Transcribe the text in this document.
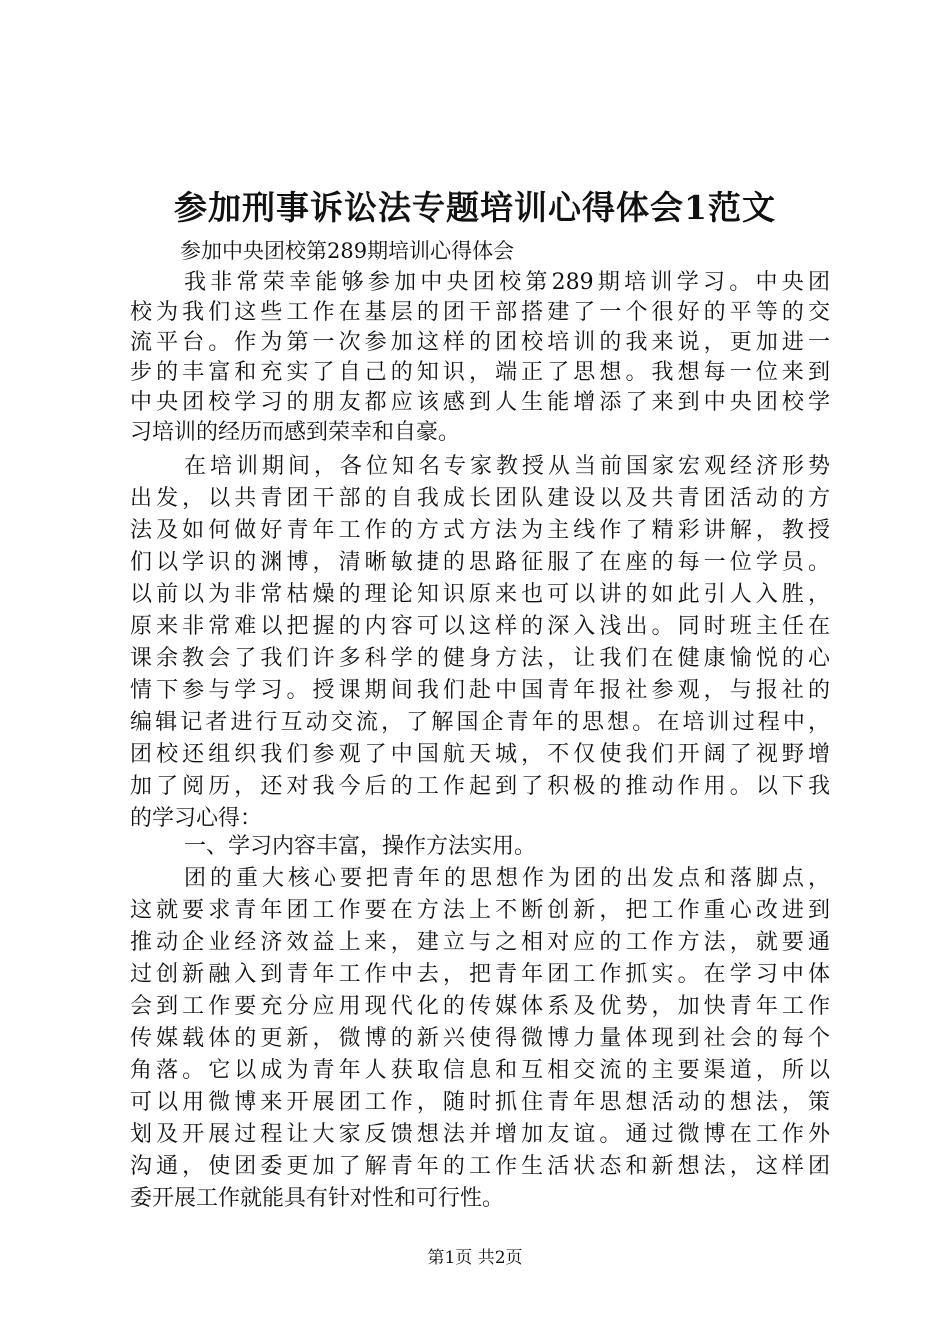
参加刑事诉讼法专题培训心得体会1范文
参加中央团校第289期培训心得体会
我非常荣幸能够参加中央团校第289期培训学习。中央团
校为我们这些工作在基层的团干部搭建了一个很好的平等的交
流平台。作为第一次参加这样的团校培训的我来说，更加进一
步的丰富和充实了自己的知识，端正了思想。我想每一位来到
中央团校学习的朋友都应该感到人生能增添了来到中央团校学
习培训的经历而感到荣幸和自豪。
在培训期间，各位知名专家教授从当前国家宏观经济形势
出发，以共青团干部的自我成长团队建设以及共青团活动的方
法及如何做好青年工作的方式方法为主线作了精彩讲解，教授
们以学识的渊博，清晰敏捷的思路征服了在座的每一位学员。
以前以为非常枯燥的理论知识原来也可以讲的如此引人入胜，
原来非常难以把握的内容可以这样的深入浅出。同时班主任在
课余教会了我们许多科学的健身方法，让我们在健康愉悦的心
情下参与学习。授课期间我们赴中国青年报社参观，与报社的
编辑记者进行互动交流，了解国企青年的思想。在培训过程中，
团校还组织我们参观了中国航天城，不仅使我们开阔了视野增
加了阅历，还对我今后的工作起到了积极的推动作用。以下我
的学习心得：
一、学习内容丰富，操作方法实用。
团的重大核心要把青年的思想作为团的出发点和落脚点，
这就要求青年团工作要在方法上不断创新，把工作重心改进到
推动企业经济效益上来，建立与之相对应的工作方法，就要通
过创新融入到青年工作中去，把青年团工作抓实。在学习中体
会到工作要充分应用现代化的传媒体系及优势，加快青年工作
传媒载体的更新，微博的新兴使得微博力量体现到社会的每个
角落。它以成为青年人获取信息和互相交流的主要渠道，所以
可以用微博来开展团工作，随时抓住青年思想活动的想法，策
划及开展过程让大家反馈想法并增加友谊。通过微博在工作外
沟通，使团委更加了解青年的工作生活状态和新想法，这样团
委开展工作就能具有针对性和可行性。
第1页 共2页
